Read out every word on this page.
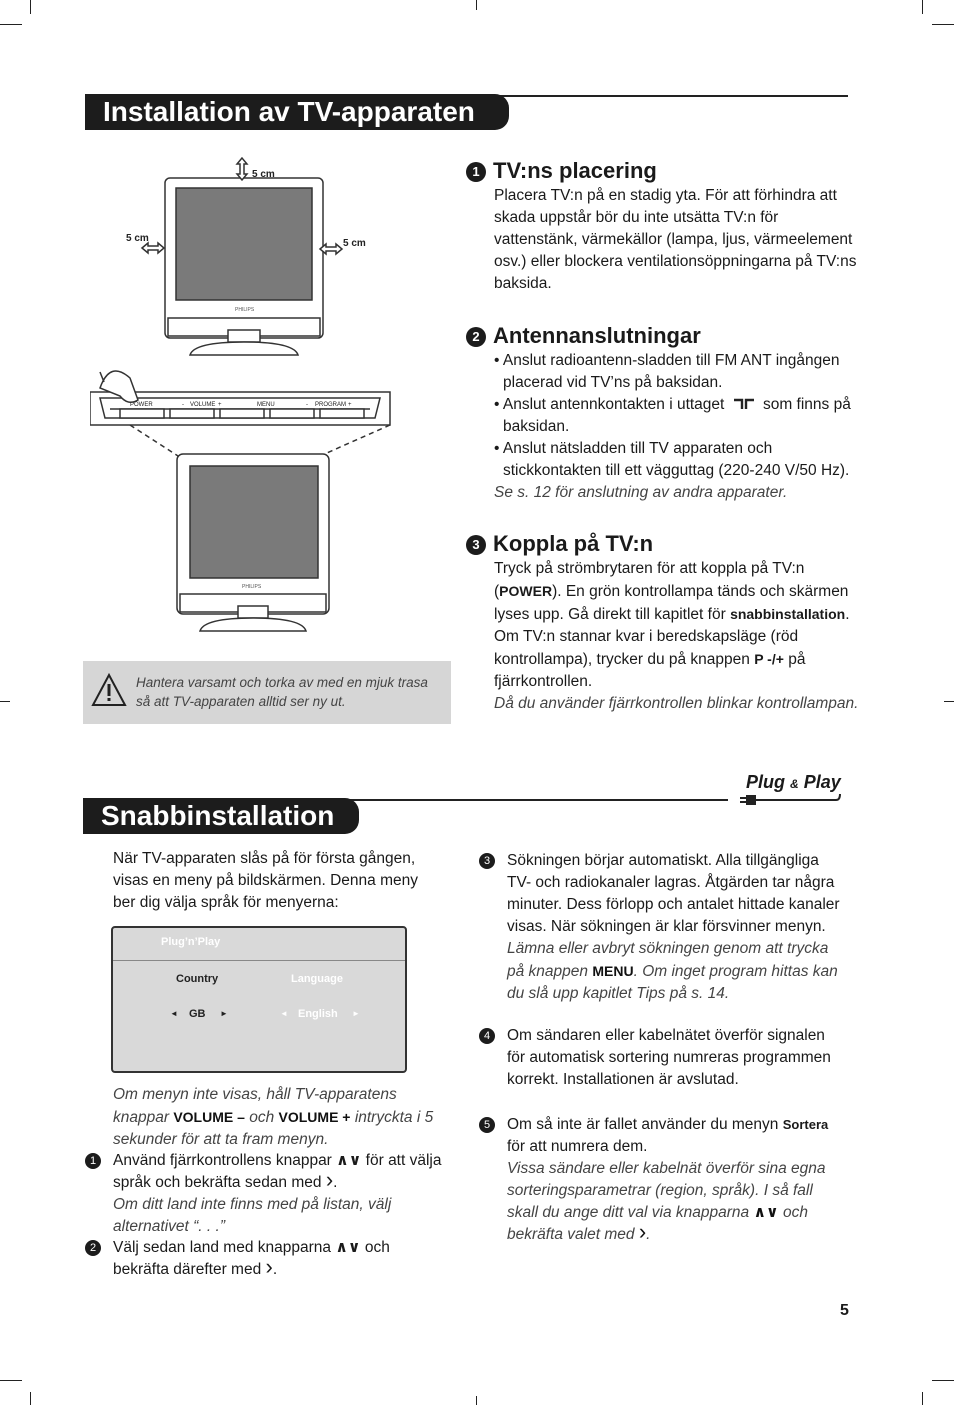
Installation av TV-apparaten
5 cm
5 cm	5 cm
PHILIPS
PHILIPS
POWER	- VOLUME +	MENU	- PROGRAM +
Hantera varsamt och torka av med en mjuk trasa
så att TV-apparaten alltid ser ny ut.
1 TV:ns placering

Placera TV:n på en stadig yta. För att förhindra att skada uppstår bör du inte utsätta TV:n för vattenstänk, värmekällor (lampa, ljus, värmeelement osv.) eller blockera ventilationsöppningarna på TV:ns baksida.

2 Antennanslutningar

• Anslut radioantenn-sladden till FM ANT ingången placerad vid TV’ns på baksidan.

• Anslut antennkontakten i uttaget som finns på baksidan.

• Anslut nätsladden till TV apparaten och stickkontakten till ett vägguttag (220-240 V/50 Hz).

Se s. 12 för anslutning av andra apparater.

3 Koppla på TV:n

Tryck på strömbrytaren för att koppla på TV:n (POWER). En grön kontrollampa tänds och skärmen lyses upp. Gå direkt till kapitlet för snabbinstallation. Om TV:n stannar kvar i beredskapsläge (röd kontrollampa), trycker du på knappen P -/+ på fjärrkontrollen.

Då du använder fjärrkontrollen blinkar kontrollampan.

Snabbinstallation
Plug & Play
När TV-apparaten slås på för första gången, visas en meny på bildskärmen. Denna meny ber dig välja språk för menyerna:
Plug’n’Play
Country	Language
◄ GB ►	◄ English ►

Om menyn inte visas, håll TV-apparatens knappar VOLUME – och VOLUME + intryckta i 5 sekunder för att ta fram menyn.

1	Använd fjärrkontrollens knappar ∧∨ för att välja språk och bekräfta sedan med ›.

Om ditt land inte finns med på listan, välj alternativet “. . .”

2	Välj sedan land med knapparna ∧∨ och bekräfta därefter med ›.

3	Sökningen börjar automatiskt. Alla tillgängliga TV- och radiokanaler lagras. Åtgärden tar några minuter. Dess förlopp och antalet hittade kanaler visas. När sökningen är klar försvinner menyn.

Lämna eller avbryt sökningen genom att trycka på knappen MENU. Om inget program hittas kan du slå upp kapitlet Tips på s. 14.

4	Om sändaren eller kabelnätet överför signalen för automatisk sortering numreras programmen korrekt. Installationen är avslutad.

5	Om så inte är fallet använder du menyn Sortera för att numrera dem.

Vissa sändare eller kabelnät överför sina egna sorteringsparametrar (region, språk). I så fall skall du ange ditt val via knapparna ∧∨ och bekräfta valet med ›.

5
